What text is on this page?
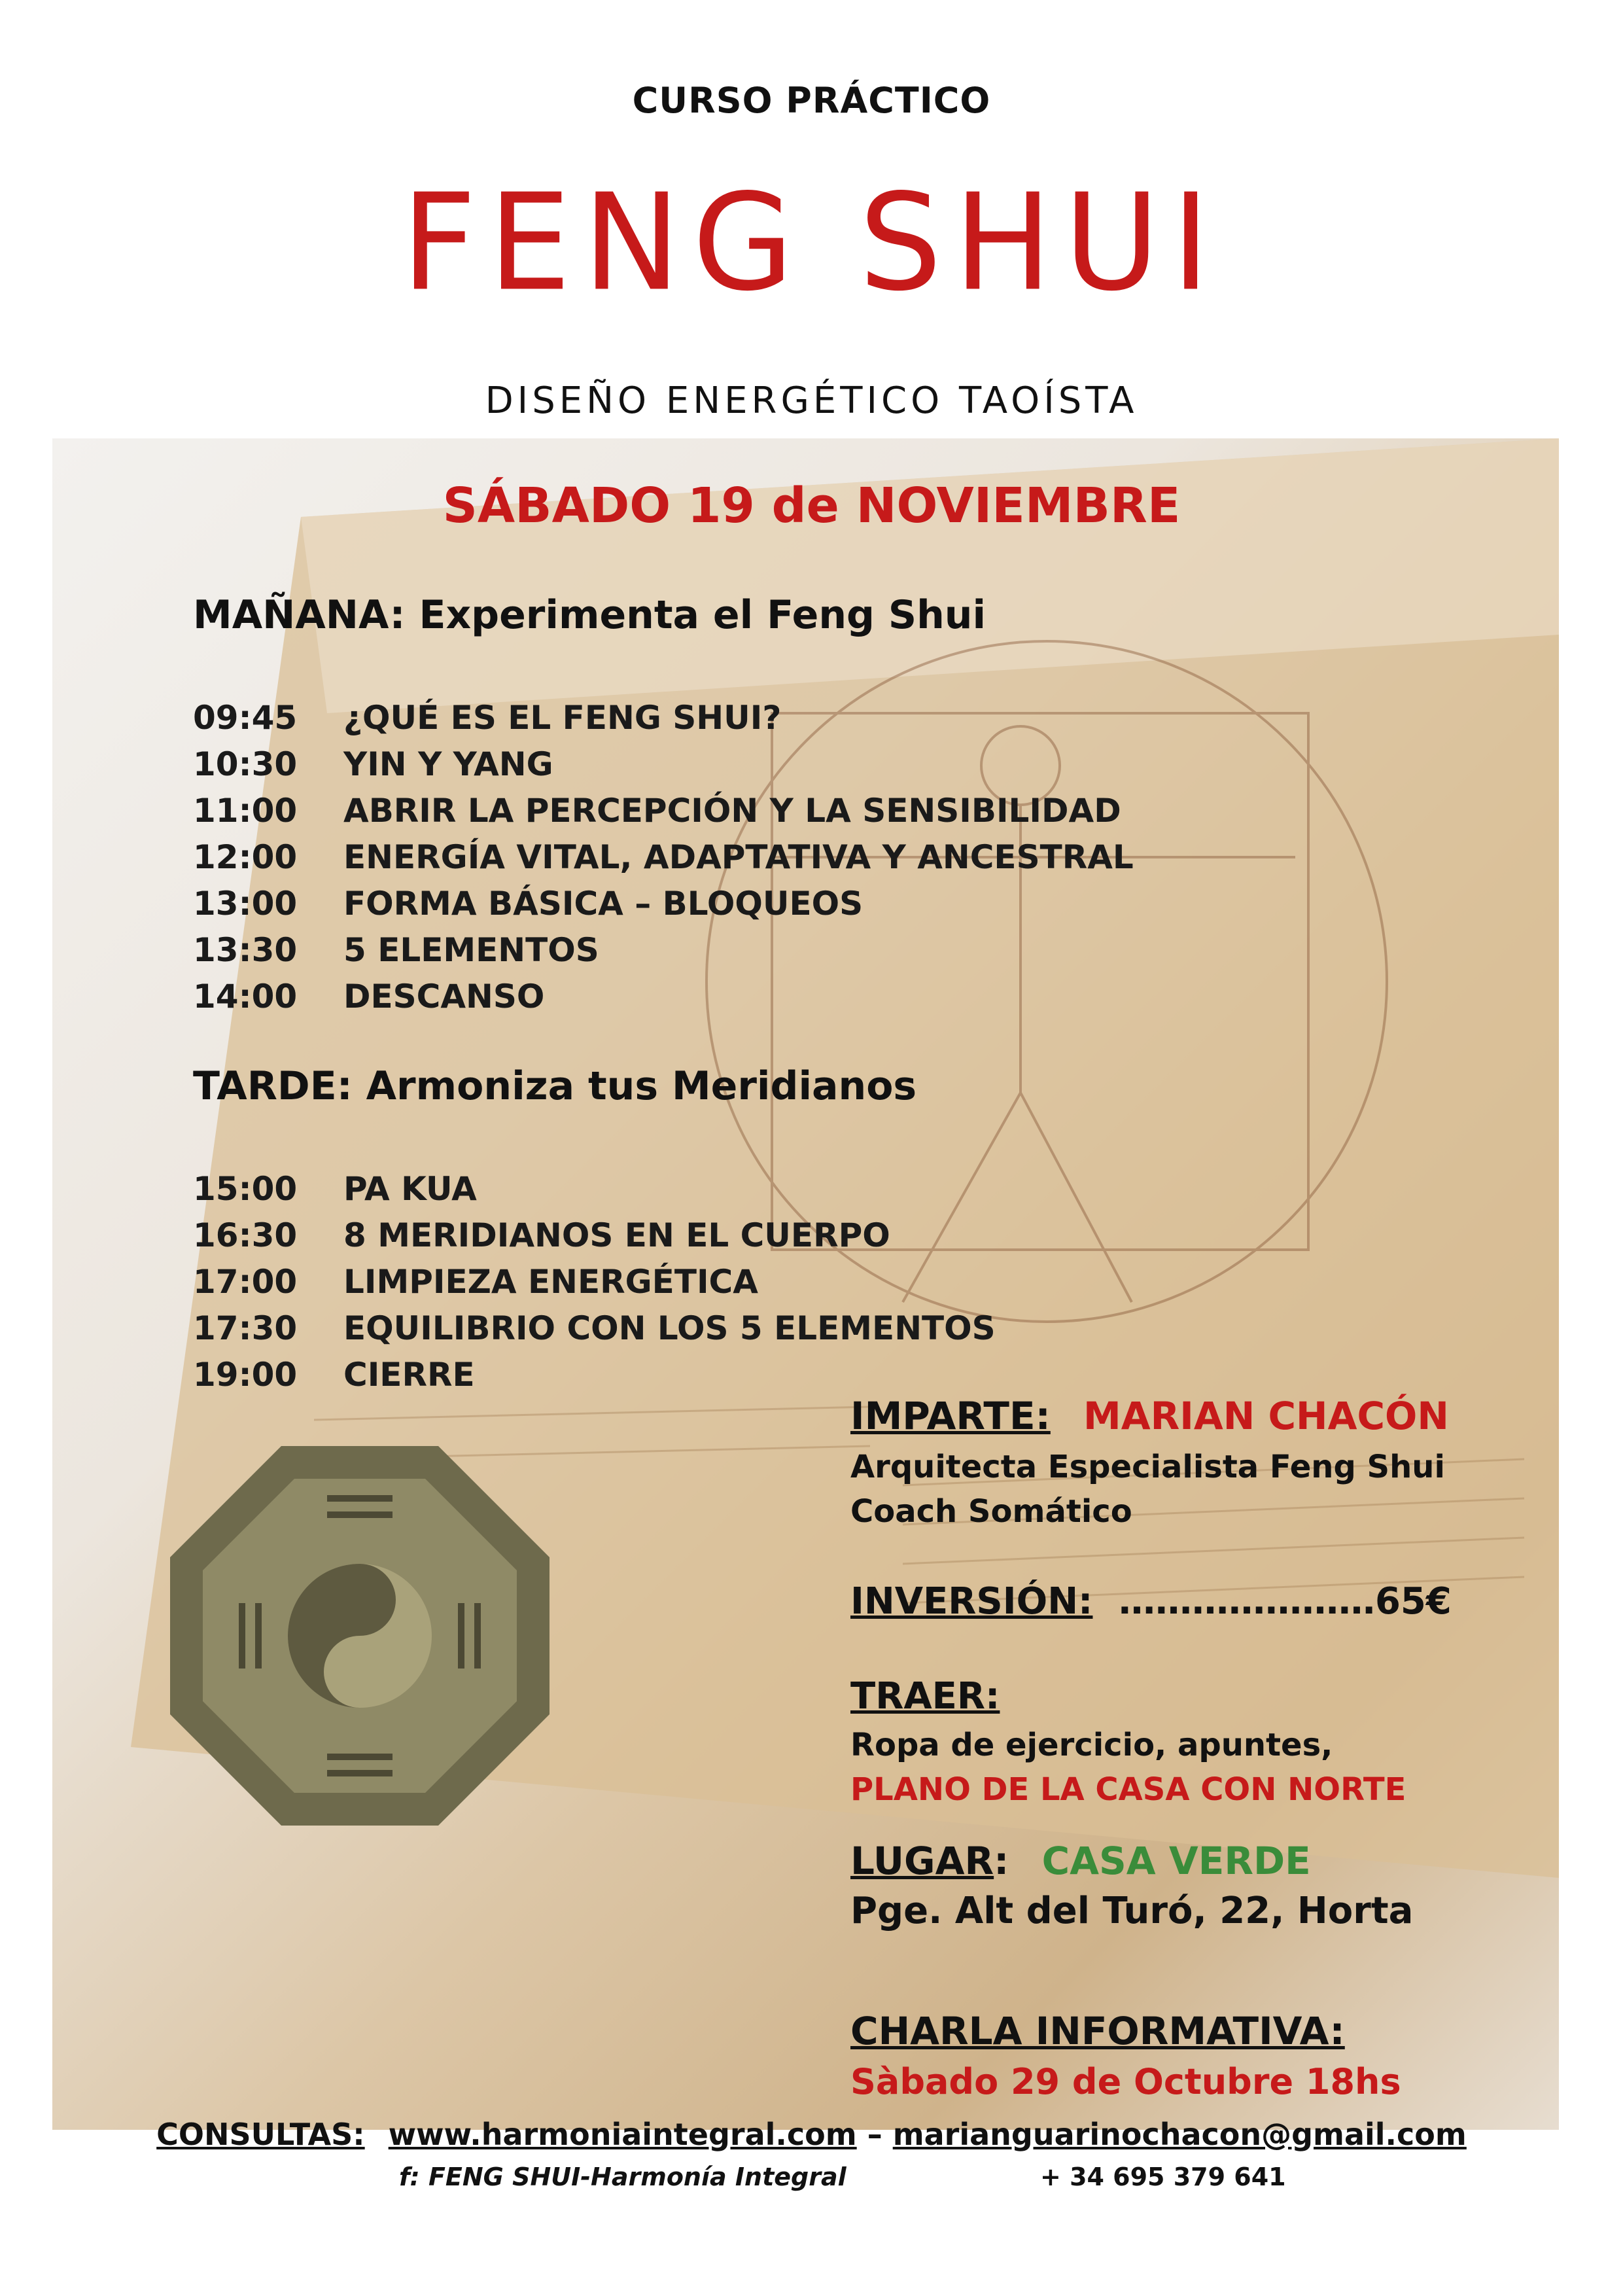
CURSO PRÁCTICO
FENG SHUI
DISEÑO ENERGÉTICO TAOÍSTA
SÁBADO 19 de NOVIEMBRE
MAÑANA: Experimenta el Feng Shui
09:45	¿QUÉ ES EL FENG SHUI?
10:30	YIN Y YANG
11:00	ABRIR LA PERCEPCIÓN Y LA SENSIBILIDAD
12:00	ENERGÍA VITAL, ADAPTATIVA Y ANCESTRAL
13:00	FORMA BÁSICA – BLOQUEOS
13:30	5 ELEMENTOS
14:00	DESCANSO
TARDE: Armoniza tus Meridianos
15:00	PA KUA
16:30	8 MERIDIANOS EN EL CUERPO
17:00	LIMPIEZA ENERGÉTICA
17:30	EQUILIBRIO CON LOS 5 ELEMENTOS
19:00	CIERRE
IMPARTE: MARIAN CHACÓN
Arquitecta Especialista Feng Shui
Coach Somático
INVERSIÓN: …………………65€
TRAER:
Ropa de ejercicio, apuntes,
PLANO DE LA CASA CON NORTE
LUGAR: CASA VERDE
Pge. Alt del Turó, 22, Horta
CHARLA INFORMATIVA:
Sàbado 29 de Octubre 18hs
CONSULTAS: www.harmoniaintegral.com – marianguarinochacon@gmail.com
f: FENG SHUI-Harmonía Integral	+ 34 695 379 641
